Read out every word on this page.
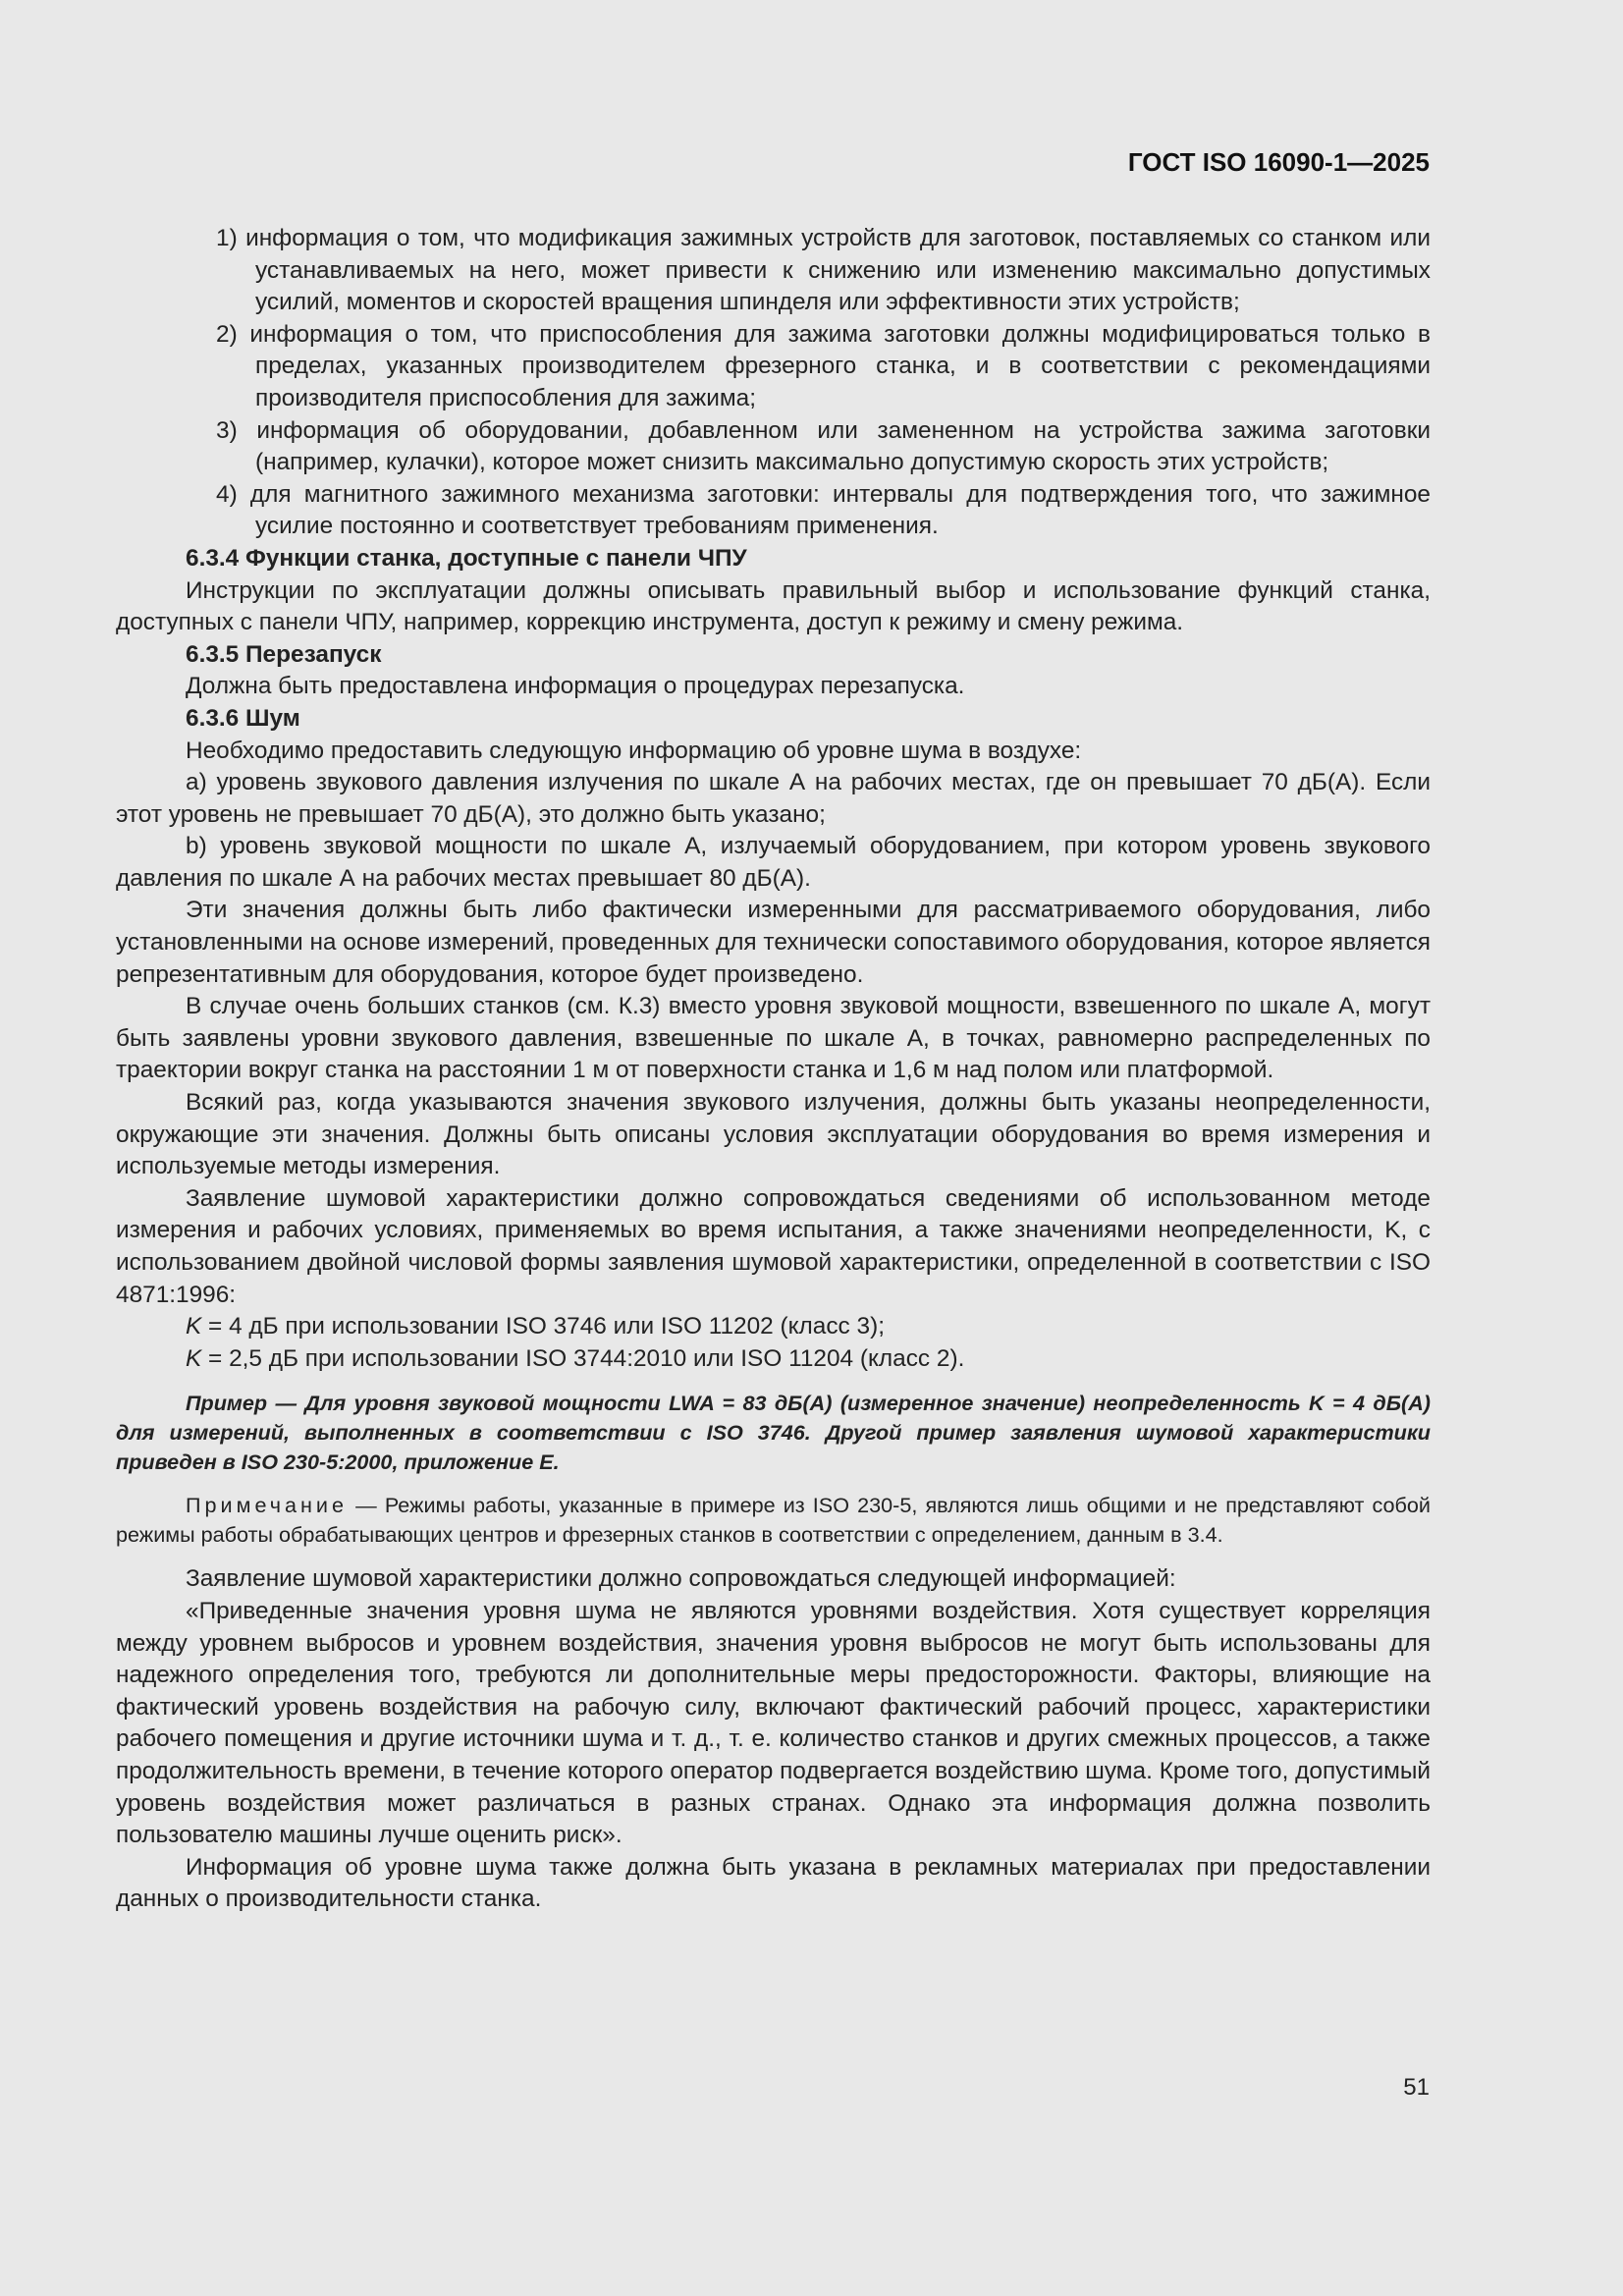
ГОСТ ISO 16090-1—2025

1) информация о том, что модификация зажимных устройств для заготовок, поставляемых со станком или устанавливаемых на него, может привести к снижению или изменению максимально допустимых усилий, моментов и скоростей вращения шпинделя или эффективности этих устройств;

2) информация о том, что приспособления для зажима заготовки должны модифицироваться только в пределах, указанных производителем фрезерного станка, и в соответствии с рекомендациями производителя приспособления для зажима;

3) информация об оборудовании, добавленном или замененном на устройства зажима заготовки (например, кулачки), которое может снизить максимально допустимую скорость этих устройств;

4) для магнитного зажимного механизма заготовки: интервалы для подтверждения того, что зажимное усилие постоянно и соответствует требованиям применения.

6.3.4 Функции станка, доступные с панели ЧПУ

Инструкции по эксплуатации должны описывать правильный выбор и использование функций станка, доступных с панели ЧПУ, например, коррекцию инструмента, доступ к режиму и смену режима.

6.3.5 Перезапуск

Должна быть предоставлена информация о процедурах перезапуска.

6.3.6 Шум

Необходимо предоставить следующую информацию об уровне шума в воздухе:

а) уровень звукового давления излучения по шкале А на рабочих местах, где он превышает 70 дБ(А). Если этот уровень не превышает 70 дБ(А), это должно быть указано;

b) уровень звуковой мощности по шкале А, излучаемый оборудованием, при котором уровень звукового давления по шкале А на рабочих местах превышает 80 дБ(А).

Эти значения должны быть либо фактически измеренными для рассматриваемого оборудования, либо установленными на основе измерений, проведенных для технически сопоставимого оборудования, которое является репрезентативным для оборудования, которое будет произведено.

В случае очень больших станков (см. К.3) вместо уровня звуковой мощности, взвешенного по шкале А, могут быть заявлены уровни звукового давления, взвешенные по шкале А, в точках, равномерно распределенных по траектории вокруг станка на расстоянии 1 м от поверхности станка и 1,6 м над полом или платформой.

Всякий раз, когда указываются значения звукового излучения, должны быть указаны неопределенности, окружающие эти значения. Должны быть описаны условия эксплуатации оборудования во время измерения и используемые методы измерения.

Заявление шумовой характеристики должно сопровождаться сведениями об использованном методе измерения и рабочих условиях, применяемых во время испытания, а также значениями неопределенности, K, с использованием двойной числовой формы заявления шумовой характеристики, определенной в соответствии с ISO 4871:1996:

K = 4 дБ при использовании ISO 3746 или ISO 11202 (класс 3);

K = 2,5 дБ при использовании ISO 3744:2010 или ISO 11204 (класс 2).

Пример — Для уровня звуковой мощности LWA = 83 дБ(А) (измеренное значение) неопределенность K = 4 дБ(А) для измерений, выполненных в соответствии с ISO 3746. Другой пример заявления шумовой характеристики приведен в ISO 230-5:2000, приложение Е.

Примечание — Режимы работы, указанные в примере из ISO 230-5, являются лишь общими и не представляют собой режимы работы обрабатывающих центров и фрезерных станков в соответствии с определением, данным в 3.4.

Заявление шумовой характеристики должно сопровождаться следующей информацией:

«Приведенные значения уровня шума не являются уровнями воздействия. Хотя существует корреляция между уровнем выбросов и уровнем воздействия, значения уровня выбросов не могут быть использованы для надежного определения того, требуются ли дополнительные меры предосторожности. Факторы, влияющие на фактический уровень воздействия на рабочую силу, включают фактический рабочий процесс, характеристики рабочего помещения и другие источники шума и т. д., т. е. количество станков и других смежных процессов, а также продолжительность времени, в течение которого оператор подвергается воздействию шума. Кроме того, допустимый уровень воздействия может различаться в разных странах. Однако эта информация должна позволить пользователю машины лучше оценить риск».

Информация об уровне шума также должна быть указана в рекламных материалах при предоставлении данных о производительности станка.

51
